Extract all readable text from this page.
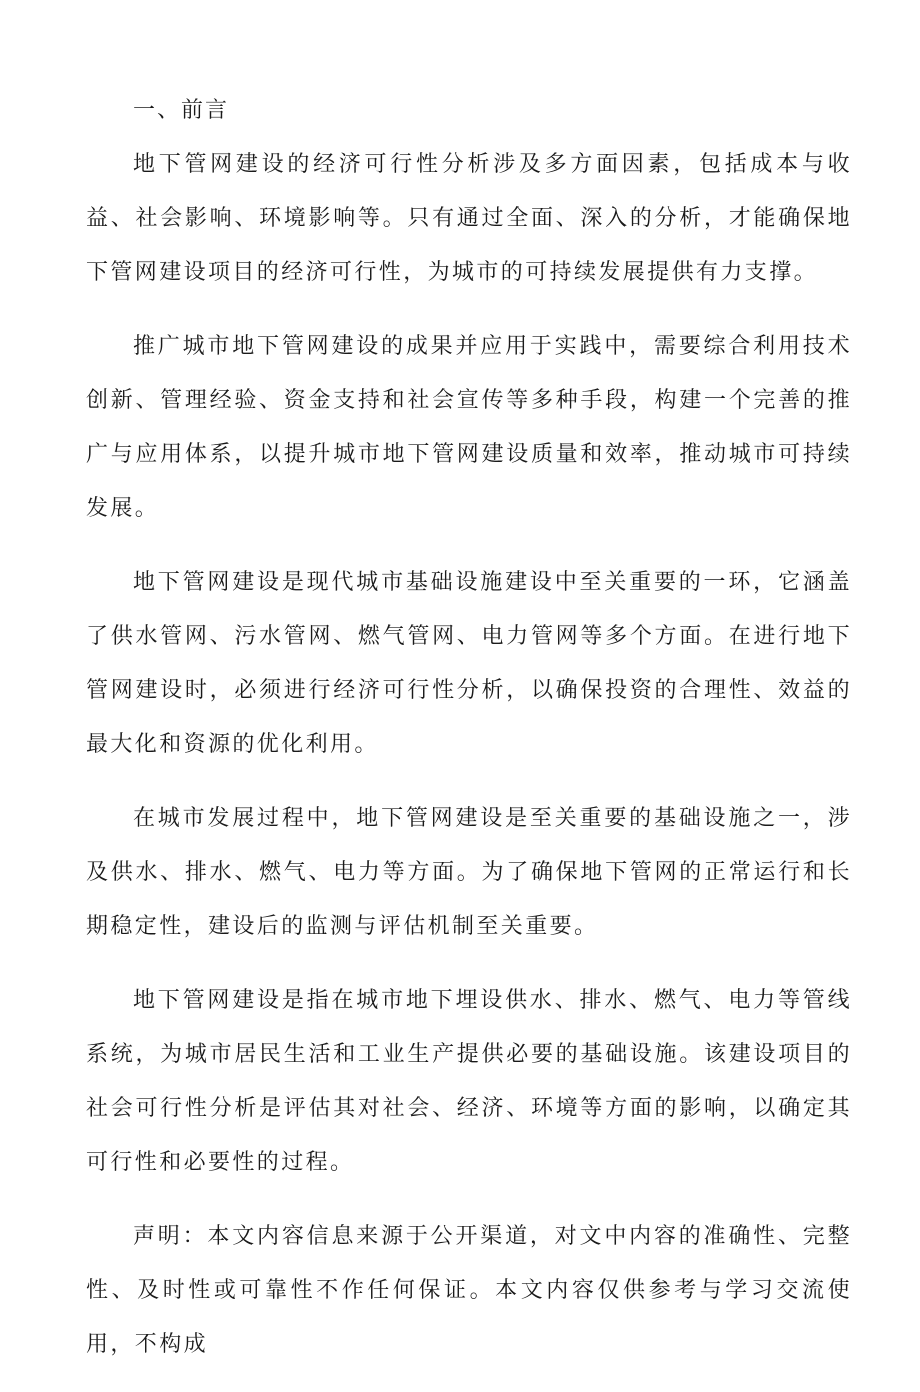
一、前言

地下管网建设的经济可行性分析涉及多方面因素，包括成本与收益、社会影响、环境影响等。只有通过全面、深入的分析，才能确保地下管网建设项目的经济可行性，为城市的可持续发展提供有力支撑。

推广城市地下管网建设的成果并应用于实践中，需要综合利用技术创新、管理经验、资金支持和社会宣传等多种手段，构建一个完善的推广与应用体系，以提升城市地下管网建设质量和效率，推动城市可持续发展。

地下管网建设是现代城市基础设施建设中至关重要的一环，它涵盖了供水管网、污水管网、燃气管网、电力管网等多个方面。在进行地下管网建设时，必须进行经济可行性分析，以确保投资的合理性、效益的最大化和资源的优化利用。

在城市发展过程中，地下管网建设是至关重要的基础设施之一，涉及供水、排水、燃气、电力等方面。为了确保地下管网的正常运行和长期稳定性，建设后的监测与评估机制至关重要。

地下管网建设是指在城市地下埋设供水、排水、燃气、电力等管线系统，为城市居民生活和工业生产提供必要的基础设施。该建设项目的社会可行性分析是评估其对社会、经济、环境等方面的影响，以确定其可行性和必要性的过程。

声明：本文内容信息来源于公开渠道，对文中内容的准确性、完整性、及时性或可靠性不作任何保证。本文内容仅供参考与学习交流使用，不构成
